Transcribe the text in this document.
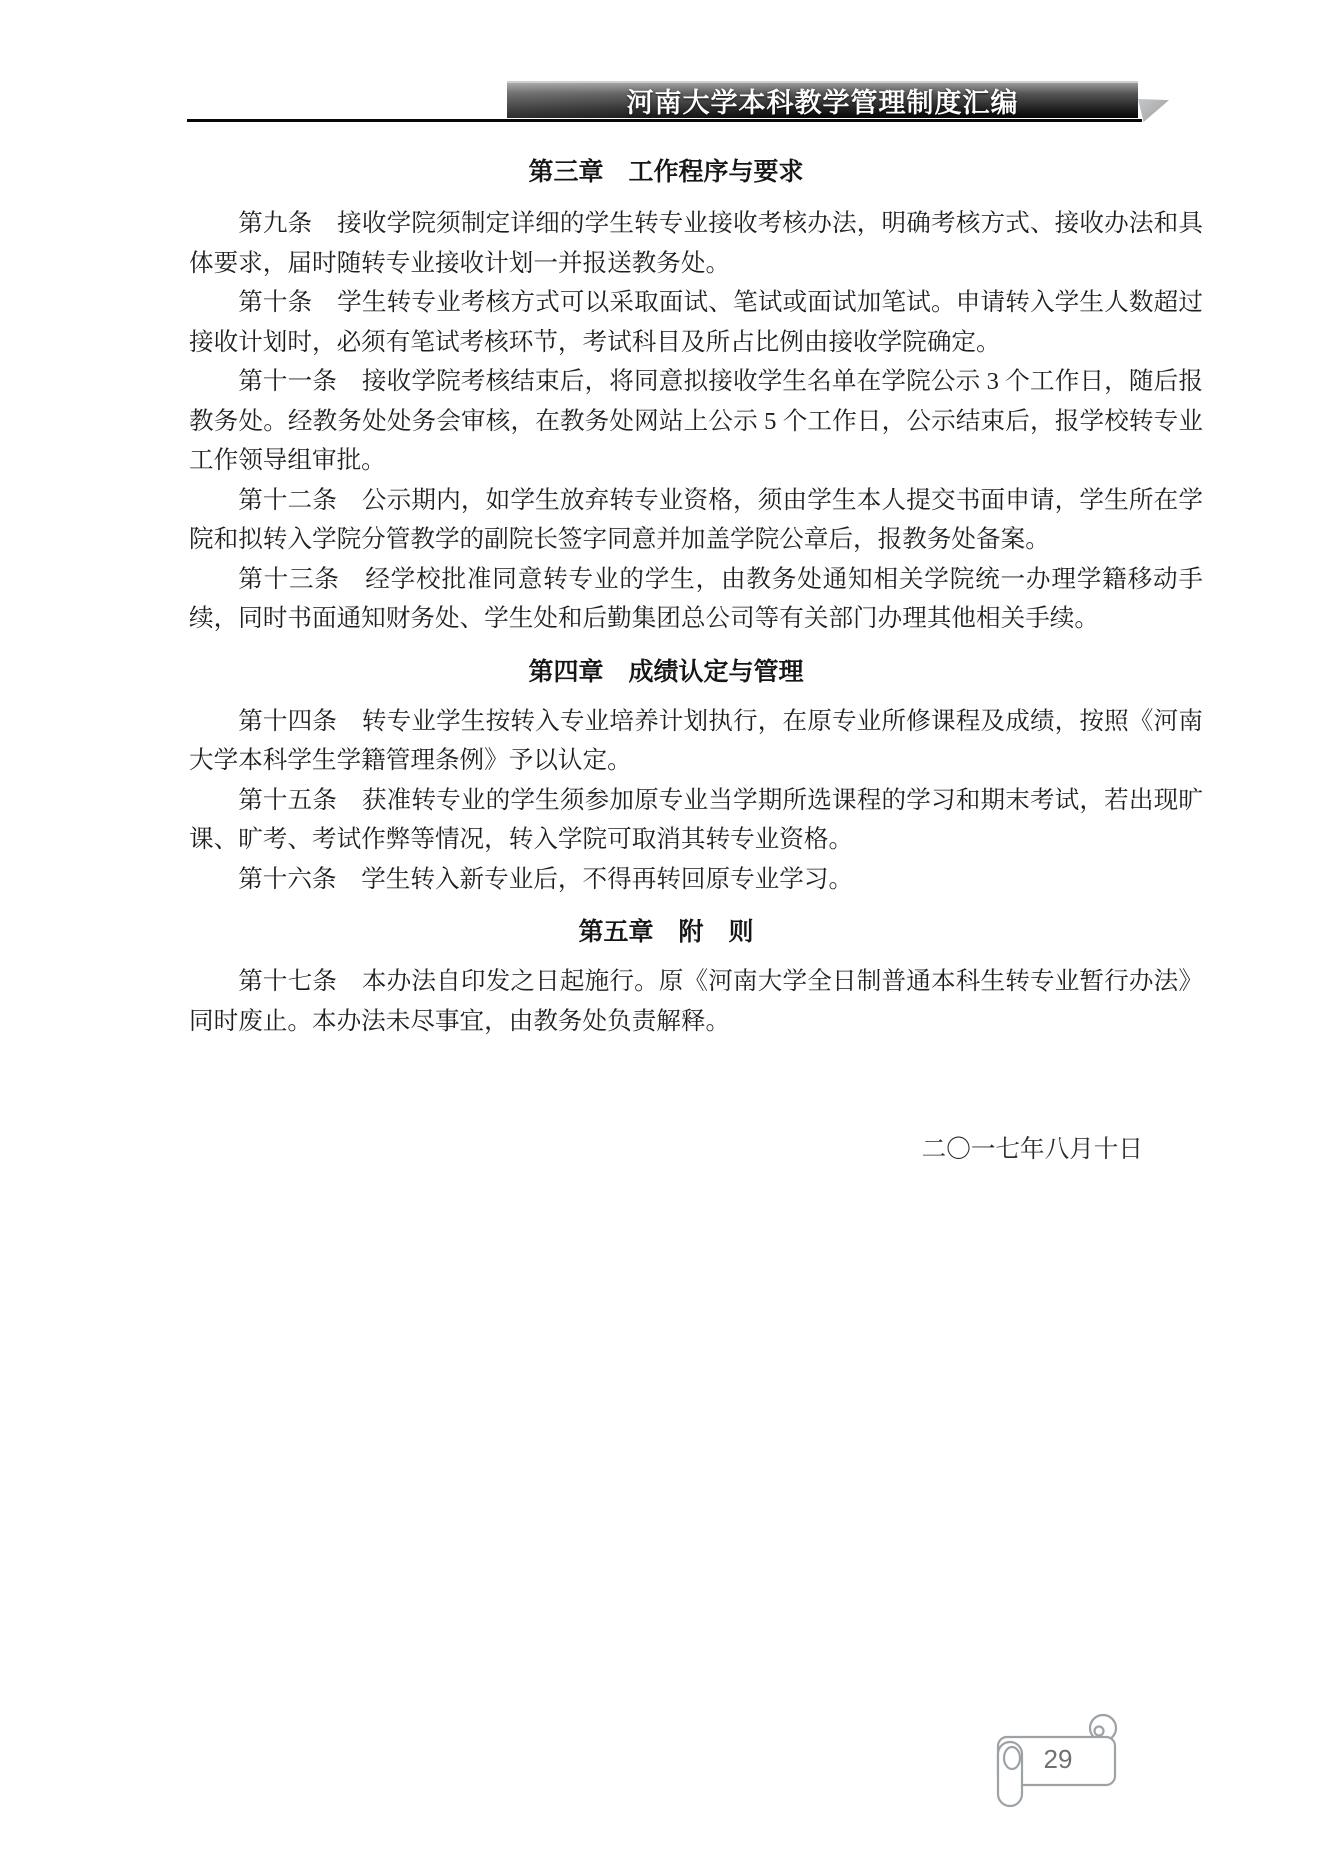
河南大学本科教学管理制度汇编
第三章　工作程序与要求

第九条　接收学院须制定详细的学生转专业接收考核办法，明确考核方式、接收办法和具体要求，届时随转专业接收计划一并报送教务处。

第十条　学生转专业考核方式可以采取面试、笔试或面试加笔试。申请转入学生人数超过接收计划时，必须有笔试考核环节，考试科目及所占比例由接收学院确定。

第十一条　接收学院考核结束后，将同意拟接收学生名单在学院公示 3 个工作日，随后报教务处。经教务处处务会审核，在教务处网站上公示 5 个工作日，公示结束后，报学校转专业工作领导组审批。

第十二条　公示期内，如学生放弃转专业资格，须由学生本人提交书面申请，学生所在学院和拟转入学院分管教学的副院长签字同意并加盖学院公章后，报教务处备案。

第十三条　经学校批准同意转专业的学生，由教务处通知相关学院统一办理学籍移动手续，同时书面通知财务处、学生处和后勤集团总公司等有关部门办理其他相关手续。

第四章　成绩认定与管理

第十四条　转专业学生按转入专业培养计划执行，在原专业所修课程及成绩，按照《河南大学本科学生学籍管理条例》予以认定。

第十五条　获准转专业的学生须参加原专业当学期所选课程的学习和期末考试，若出现旷课、旷考、考试作弊等情况，转入学院可取消其转专业资格。

第十六条　学生转入新专业后，不得再转回原专业学习。

第五章　附　则

第十七条　本办法自印发之日起施行。原《河南大学全日制普通本科生转专业暂行办法》同时废止。本办法未尽事宜，由教务处负责解释。

二〇一七年八月十日
29
